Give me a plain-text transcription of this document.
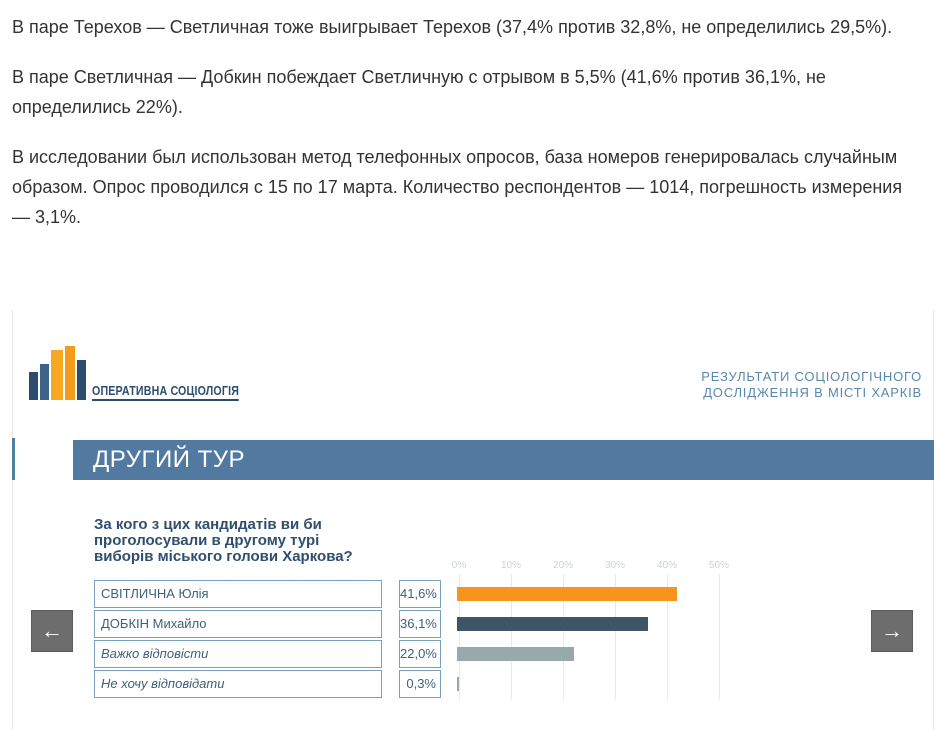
В паре Терехов — Светличная тоже выигрывает Терехов (37,4% против 32,8%, не определились 29,5%).

В паре Светличная — Добкин побеждает Светличную с отрывом в 5,5% (41,6% против 36,1%, не определились 22%).

В исследовании был использован метод телефонных опросов, база номеров генерировалась случайным образом. Опрос проводился с 15 по 17 марта. Количество респондентов — 1014, погрешность измерения — 3,1%.

ОПЕРАТИВНА СОЦІОЛОГІЯ
РЕЗУЛЬТАТИ СОЦІОЛОГІЧНОГО
ДОСЛІДЖЕННЯ В МІСТІ ХАРКІВ
ДРУГИЙ ТУР
За кого з цих кандидатів ви би проголосували в другому турі виборів міського голови Харкова?
0%	10%	20%	30%	40%	50%
СВІТЛИЧНА Юлія	41,6%
ДОБКІН Михайло	36,1%
Важко відповісти	22,0%
Не хочу відповідати	0,3%
←	→
